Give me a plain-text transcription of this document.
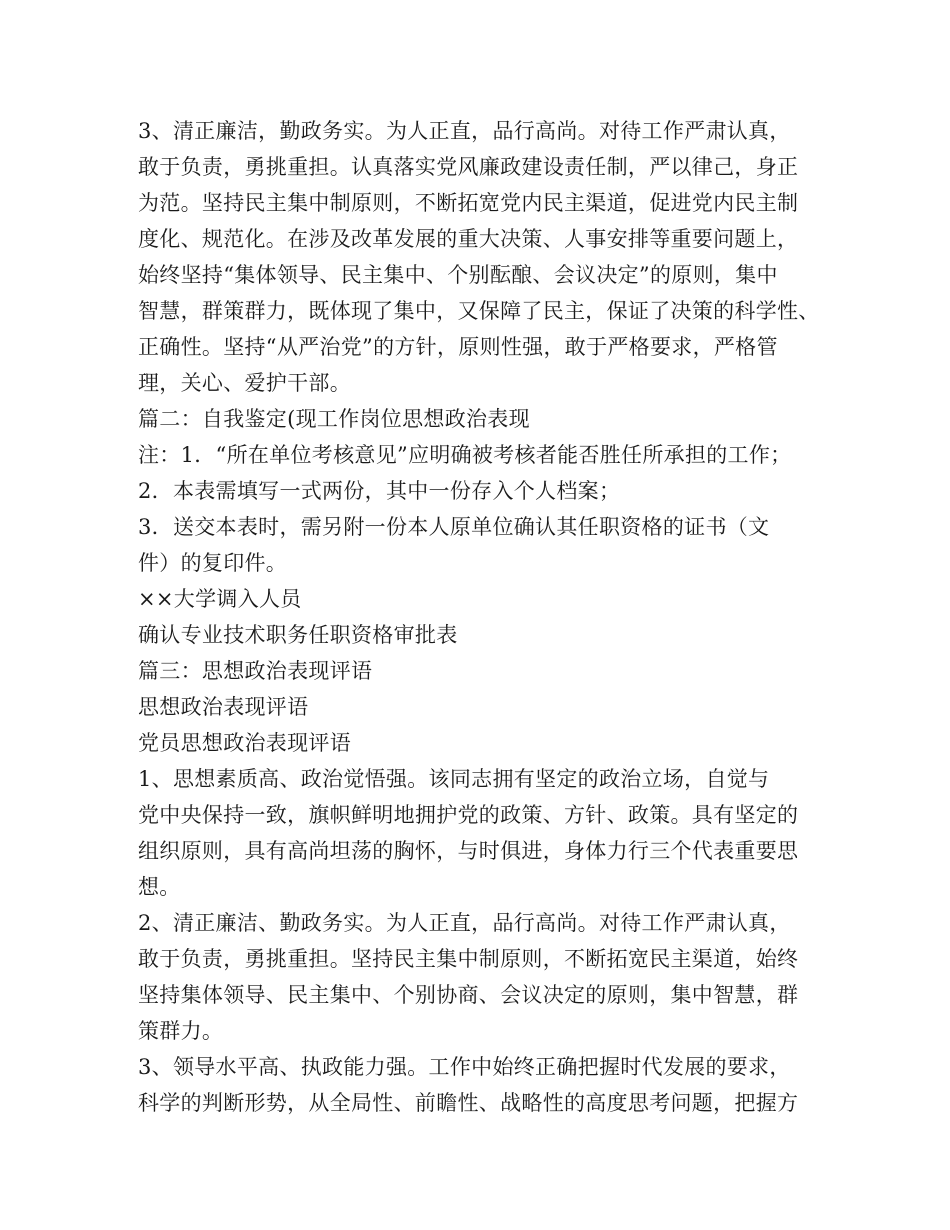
3、清正廉洁，勤政务实。为人正直，品行高尚。对待工作严肃认真，
敢于负责，勇挑重担。认真落实党风廉政建设责任制，严以律己，身正
为范。坚持民主集中制原则，不断拓宽党内民主渠道，促进党内民主制
度化、规范化。在涉及改革发展的重大决策、人事安排等重要问题上，
始终坚持“集体领导、民主集中、个别酝酿、会议决定”的原则，集中
智慧，群策群力，既体现了集中，又保障了民主，保证了决策的科学性、
正确性。坚持“从严治党”的方针，原则性强，敢于严格要求，严格管
理，关心、爱护干部。
篇二：自我鉴定(现工作岗位思想政治表现
注：1．“所在单位考核意见”应明确被考核者能否胜任所承担的工作；
2．本表需填写一式两份，其中一份存入个人档案；
3．送交本表时，需另附一份本人原单位确认其任职资格的证书（文
件）的复印件。
××大学调入人员
确认专业技术职务任职资格审批表
篇三：思想政治表现评语
思想政治表现评语
党员思想政治表现评语
1、思想素质高、政治觉悟强。该同志拥有坚定的政治立场，自觉与
党中央保持一致，旗帜鲜明地拥护党的政策、方针、政策。具有坚定的
组织原则，具有高尚坦荡的胸怀，与时俱进，身体力行三个代表重要思
想。
2、清正廉洁、勤政务实。为人正直，品行高尚。对待工作严肃认真，
敢于负责，勇挑重担。坚持民主集中制原则，不断拓宽民主渠道，始终
坚持集体领导、民主集中、个别协商、会议决定的原则，集中智慧，群
策群力。
3、领导水平高、执政能力强。工作中始终正确把握时代发展的要求，
科学的判断形势，从全局性、前瞻性、战略性的高度思考问题，把握方
